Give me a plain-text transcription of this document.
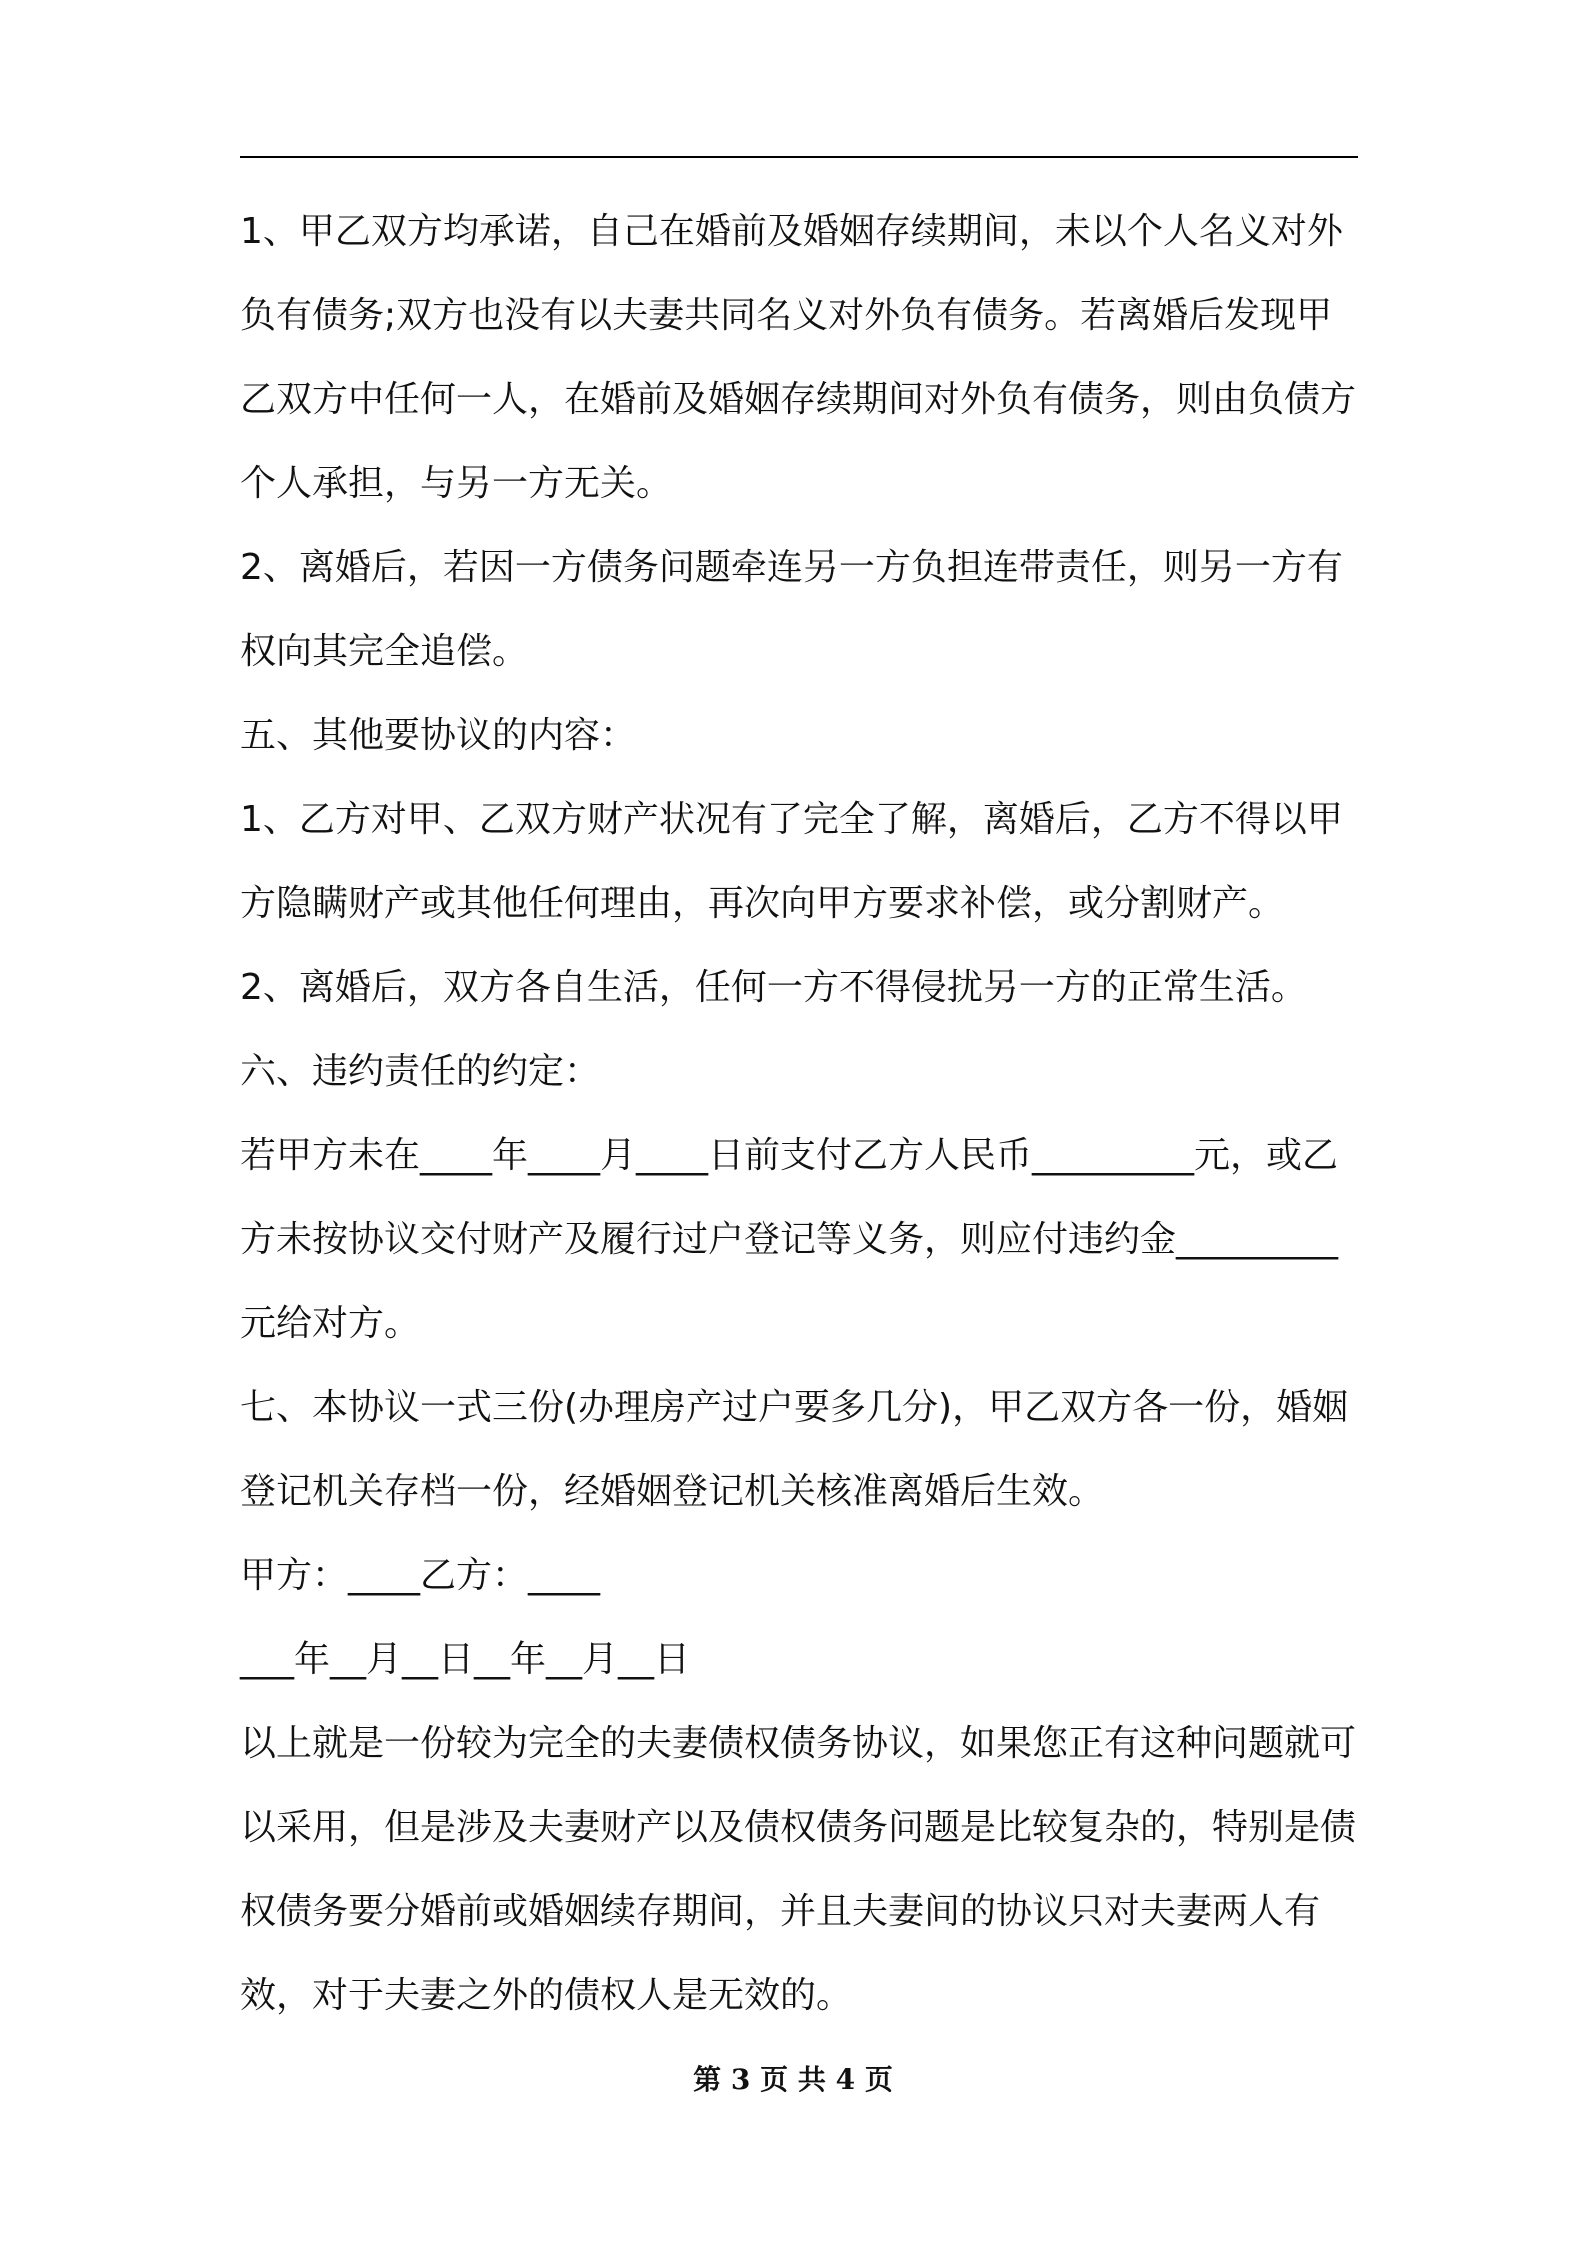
1、甲乙双方均承诺，自己在婚前及婚姻存续期间，未以个人名义对外负有债务;双方也没有以夫妻共同名义对外负有债务。若离婚后发现甲乙双方中任何一人，在婚前及婚姻存续期间对外负有债务，则由负债方个人承担，与另一方无关。

2、离婚后，若因一方债务问题牵连另一方负担连带责任，则另一方有权向其完全追偿。

五、其他要协议的内容：

1、乙方对甲、乙双方财产状况有了完全了解，离婚后，乙方不得以甲方隐瞒财产或其他任何理由，再次向甲方要求补偿，或分割财产。

2、离婚后，双方各自生活，任何一方不得侵扰另一方的正常生活。

六、违约责任的约定：

若甲方未在____年____月____日前支付乙方人民币_________元，或乙方未按协议交付财产及履行过户登记等义务，则应付违约金_________元给对方。

七、本协议一式三份(办理房产过户要多几分)，甲乙双方各一份，婚姻登记机关存档一份，经婚姻登记机关核准离婚后生效。

甲方：____乙方：____

___年__月__日__年__月__日

以上就是一份较为完全的夫妻债权债务协议，如果您正有这种问题就可以采用，但是涉及夫妻财产以及债权债务问题是比较复杂的，特别是债权债务要分婚前或婚姻续存期间，并且夫妻间的协议只对夫妻两人有效，对于夫妻之外的债权人是无效的。

第 3 页 共 4 页
